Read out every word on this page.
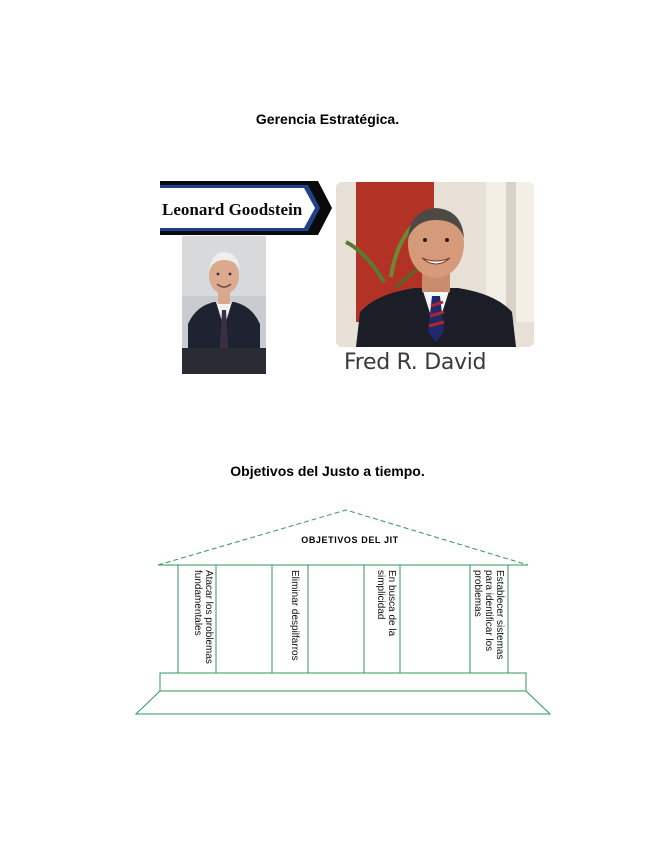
Gerencia Estratégica.
Leonard Goodstein
Fred R. David
Objetivos del Justo a tiempo.
OBJETIVOS DEL JIT
Atacar los problemas
fundamentales	Eliminar despilfarros	En busca de la
simplicidad	Establecer sistemas
para identificar los
problemas
